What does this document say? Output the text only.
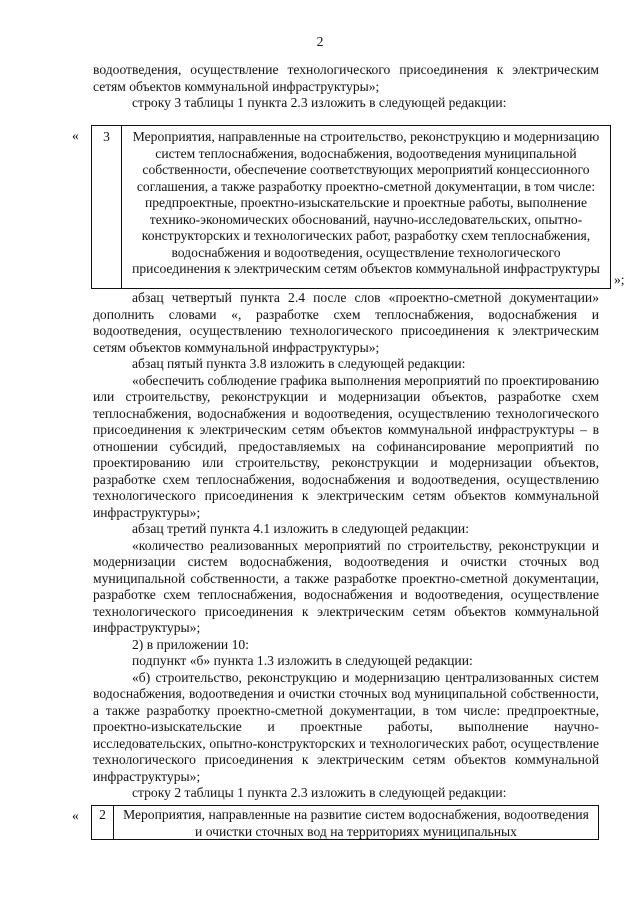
2
водоотведения, осуществление технологического присоединения к электрическим сетям объектов коммунальной инфраструктуры»;
строку 3 таблицы 1 пункта 2.3 изложить в следующей редакции:
«	3	Мероприятия, направленные на строительство, реконструкцию и модернизацию систем теплоснабжения, водоснабжения, водоотведения муниципальной собственности, обеспечение соответствующих мероприятий концессионного соглашения, а также разработку проектно-сметной документации, в том числе: предпроектные, проектно-изыскательские и проектные работы, выполнение технико-экономических обоснований, научно-исследовательских, опытно-конструкторских и технологических работ, разработку схем теплоснабжения, водоснабжения и водоотведения, осуществление технологического присоединения к электрическим сетям объектов коммунальной инфраструктуры
»;
абзац четвертый пункта 2.4 после слов «проектно-сметной документации» дополнить словами «, разработке схем теплоснабжения, водоснабжения и водоотведения, осуществлению технологического присоединения к электрическим сетям объектов коммунальной инфраструктуры»;
абзац пятый пункта 3.8 изложить в следующей редакции:
«обеспечить соблюдение графика выполнения мероприятий по проектированию или строительству, реконструкции и модернизации объектов, разработке схем теплоснабжения, водоснабжения и водоотведения, осуществлению технологического присоединения к электрическим сетям объектов коммунальной инфраструктуры – в отношении субсидий, предоставляемых на софинансирование мероприятий по проектированию или строительству, реконструкции и модернизации объектов, разработке схем теплоснабжения, водоснабжения и водоотведения, осуществлению технологического присоединения к электрическим сетям объектов коммунальной инфраструктуры»;
абзац третий пункта 4.1 изложить в следующей редакции:
«количество реализованных мероприятий по строительству, реконструкции и модернизации систем водоснабжения, водоотведения и очистки сточных вод муниципальной собственности, а также разработке проектно-сметной документации, разработке схем теплоснабжения, водоснабжения и водоотведения, осуществление технологического присоединения к электрическим сетям объектов коммунальной инфраструктуры»;
2) в приложении 10:
подпункт «б» пункта 1.3 изложить в следующей редакции:
«б) строительство, реконструкцию и модернизацию централизованных систем водоснабжения, водоотведения и очистки сточных вод муниципальной собственности, а также разработку проектно-сметной документации, в том числе: предпроектные, проектно-изыскательские и проектные работы, выполнение научно-исследовательских, опытно-конструкторских и технологических работ, осуществление технологического присоединения к электрическим сетям объектов коммунальной инфраструктуры»;
строку 2 таблицы 1 пункта 2.3 изложить в следующей редакции:
«	2	Мероприятия, направленные на развитие систем водоснабжения, водоотведения и очистки сточных вод на территориях муниципальных
